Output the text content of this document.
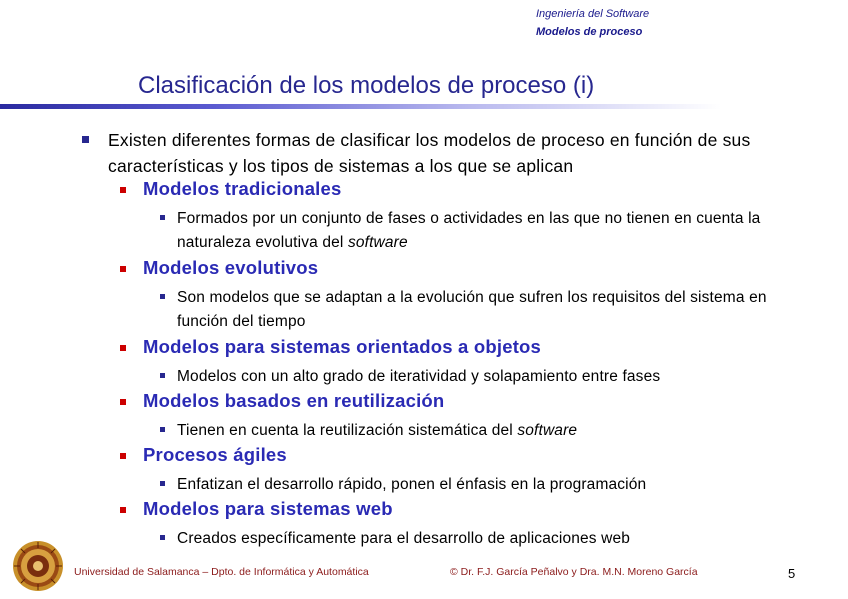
Ingeniería del Software
Modelos de proceso
Clasificación de los modelos de proceso (i)
Existen diferentes formas de clasificar los modelos de proceso en función de sus características y los tipos de sistemas a los que se aplican
Modelos tradicionales
Formados por un conjunto de fases o actividades en las que no tienen en cuenta la naturaleza evolutiva del software
Modelos evolutivos
Son modelos que se adaptan a la evolución que sufren los requisitos del sistema en función del tiempo
Modelos para sistemas orientados a objetos
Modelos con un alto grado de iteratividad y solapamiento entre fases
Modelos basados en reutilización
Tienen en cuenta la reutilización sistemática del software
Procesos ágiles
Enfatizan el desarrollo rápido, ponen el énfasis en la programación
Modelos para sistemas web
Creados específicamente para el desarrollo de aplicaciones web
Universidad de Salamanca – Dpto. de Informática y Automática	© Dr. F.J. García Peñalvo y Dra. M.N. Moreno García	5
